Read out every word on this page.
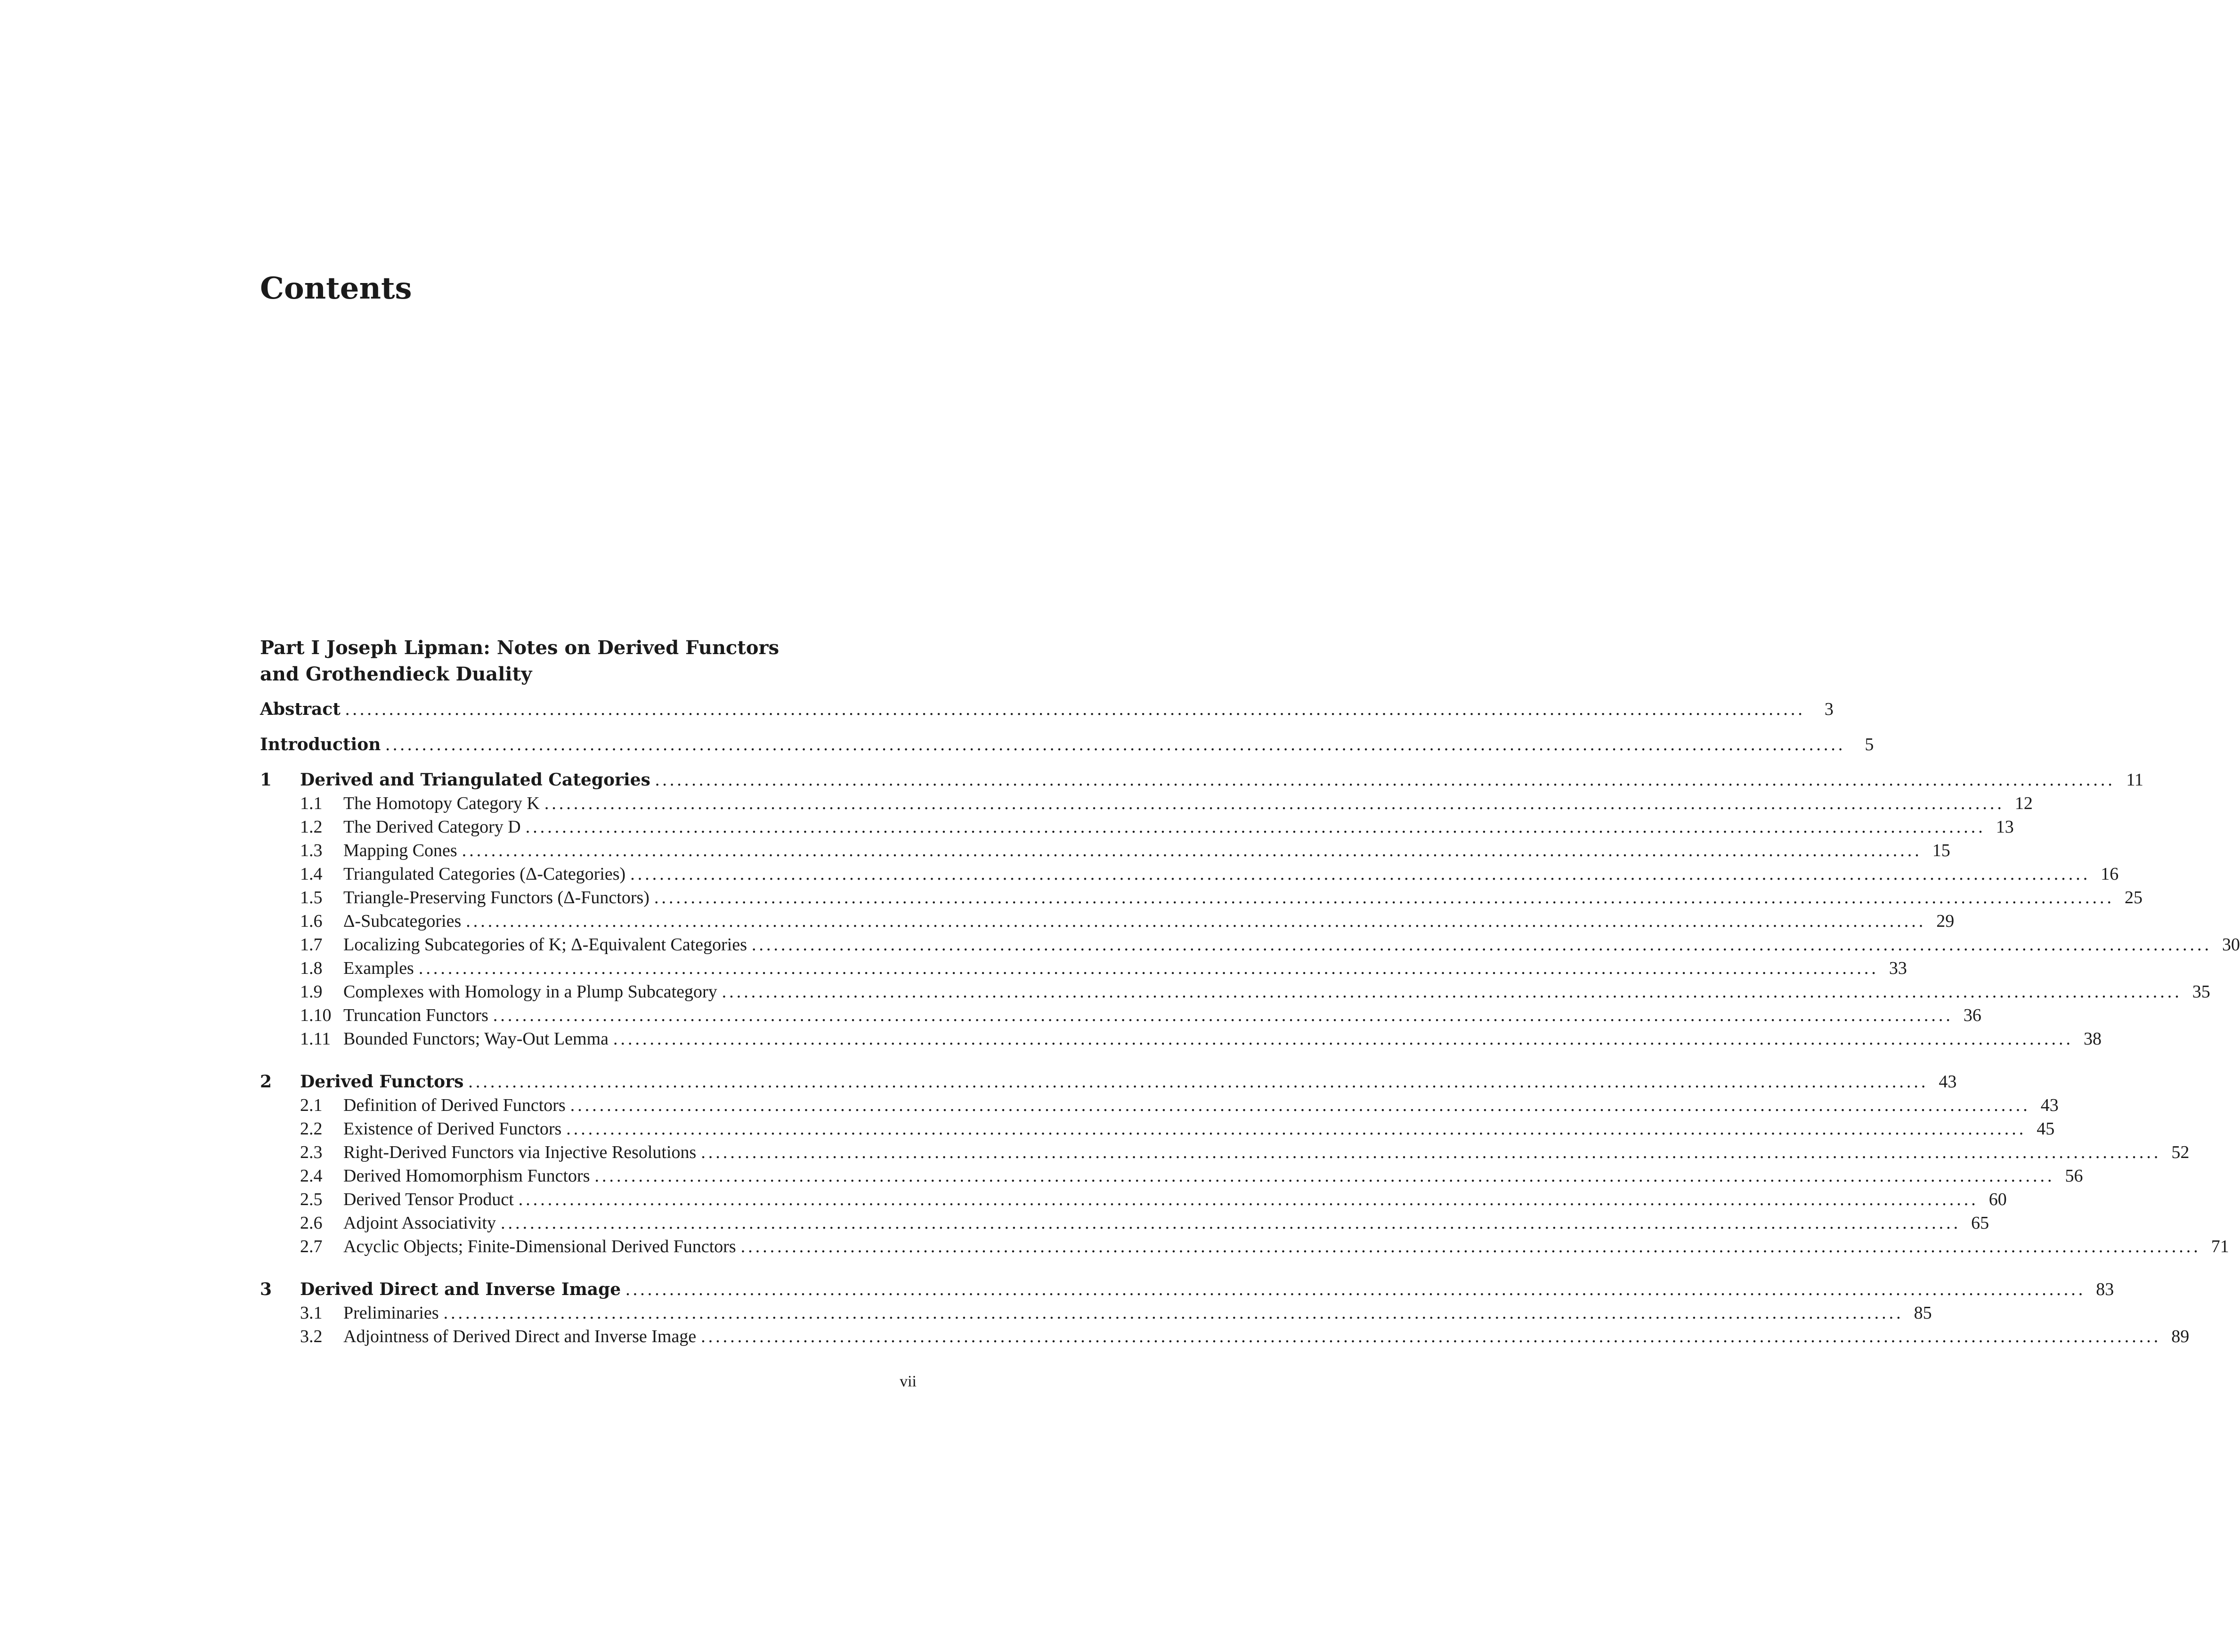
Contents
Part I Joseph Lipman: Notes on Derived Functors
and Grothendieck Duality
Abstract ........................................................................................................................................................................................................	3
Introduction ........................................................................................................................................................................................................	5
1	Derived and Triangulated Categories ........................................................................................................................................................................................................ 11
1.1	The Homotopy Category K ........................................................................................................................................................................................................ 12
1.2	The Derived Category D ........................................................................................................................................................................................................ 13
1.3	Mapping Cones ........................................................................................................................................................................................................ 15
1.4	Triangulated Categories (Δ-Categories) ........................................................................................................................................................................................................ 16
1.5	Triangle-Preserving Functors (Δ-Functors) ........................................................................................................................................................................................................ 25
1.6	Δ-Subcategories ........................................................................................................................................................................................................ 29
1.7	Localizing Subcategories of K; Δ-Equivalent Categories ........................................................................................................................................................................................................ 30
1.8	Examples ........................................................................................................................................................................................................ 33
1.9	Complexes with Homology in a Plump Subcategory ........................................................................................................................................................................................................ 35
1.10 Truncation Functors ........................................................................................................................................................................................................ 36
1.11 Bounded Functors; Way-Out Lemma ........................................................................................................................................................................................................ 38
2	Derived Functors ........................................................................................................................................................................................................ 43
2.1	Definition of Derived Functors ........................................................................................................................................................................................................ 43
2.2	Existence of Derived Functors ........................................................................................................................................................................................................ 45
2.3	Right-Derived Functors via Injective Resolutions ........................................................................................................................................................................................................ 52
2.4	Derived Homomorphism Functors ........................................................................................................................................................................................................ 56
2.5	Derived Tensor Product ........................................................................................................................................................................................................ 60
2.6	Adjoint Associativity ........................................................................................................................................................................................................ 65
2.7	Acyclic Objects; Finite-Dimensional Derived Functors ........................................................................................................................................................................................................ 71
3	Derived Direct and Inverse Image ........................................................................................................................................................................................................ 83
3.1	Preliminaries ........................................................................................................................................................................................................ 85
3.2	Adjointness of Derived Direct and Inverse Image ........................................................................................................................................................................................................ 89
vii
